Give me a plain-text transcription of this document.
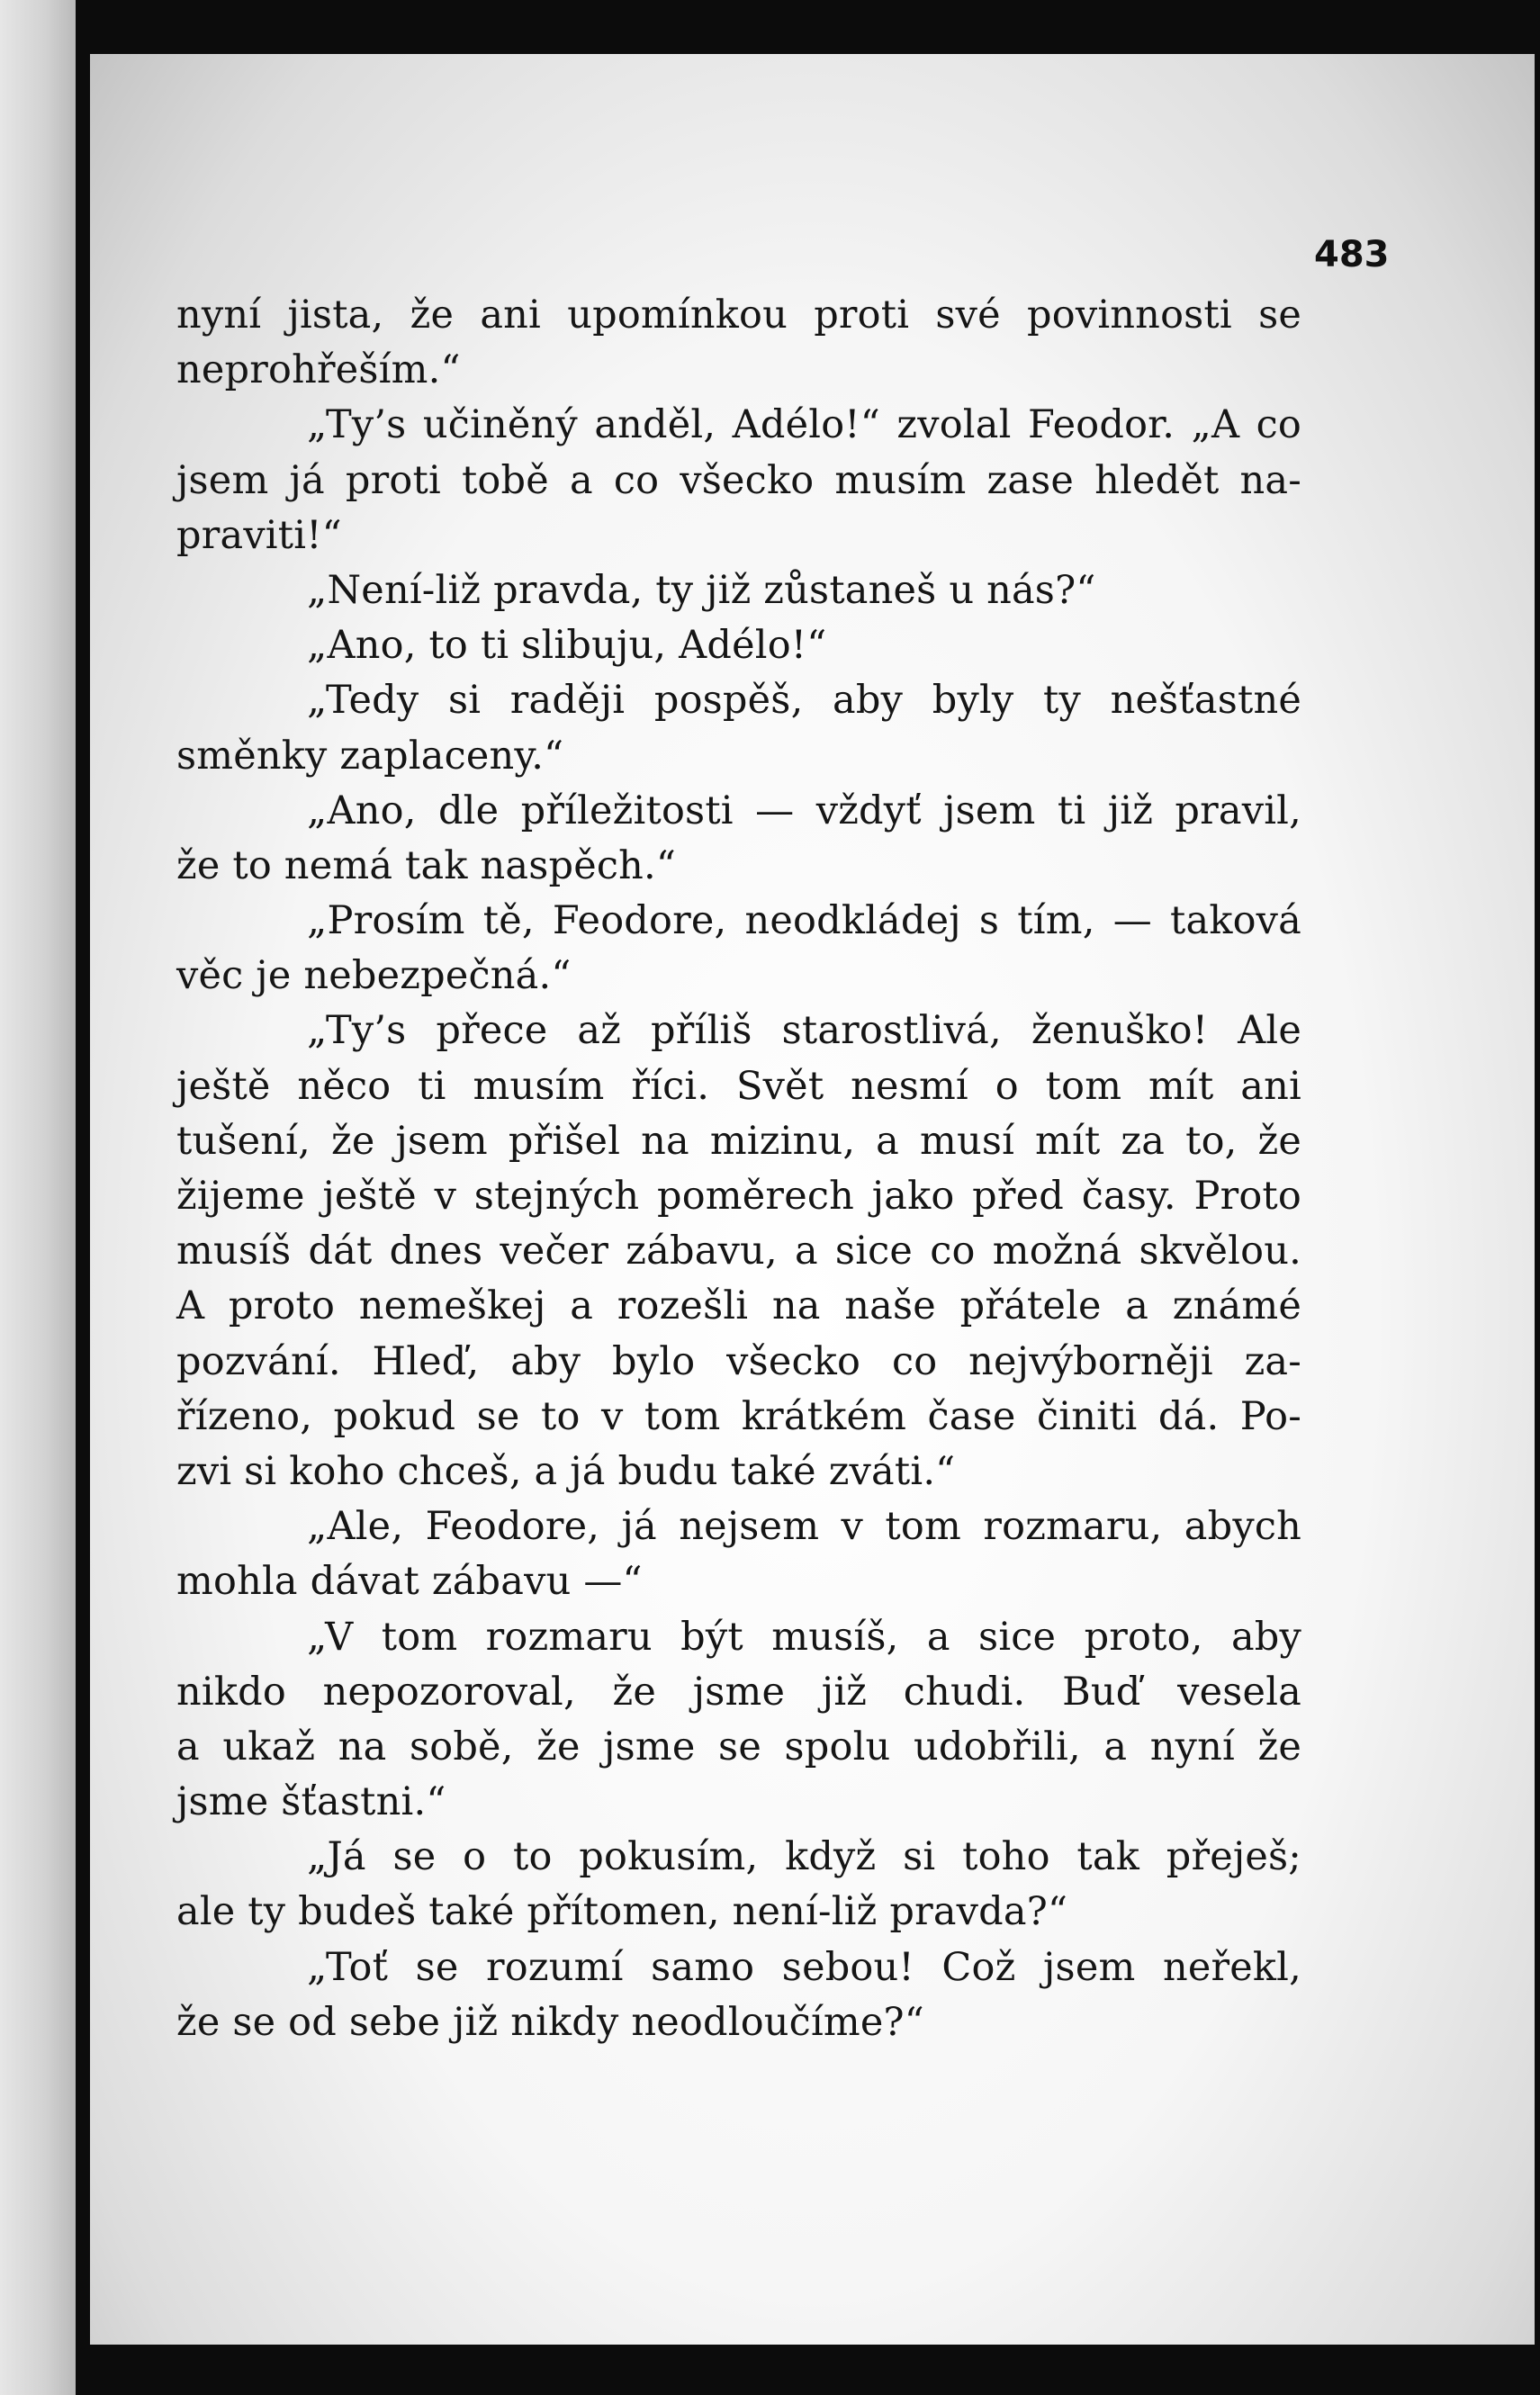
483
nyní jista, že ani upomínkou proti své povinnosti se
neprohřeším.“
„Ty’s učiněný anděl, Adélo!“ zvolal Feodor. „A co
jsem já proti tobě a co všecko musím zase hledět na-
praviti!“
„Není-liž pravda, ty již zůstaneš u nás?“
„Ano, to ti slibuju, Adélo!“
„Tedy si raději pospěš, aby byly ty nešťastné
směnky zaplaceny.“
„Ano, dle příležitosti — vždyť jsem ti již pravil,
že to nemá tak naspěch.“
„Prosím tě, Feodore, neodkládej s tím, — taková
věc je nebezpečná.“
„Ty’s přece až příliš starostlivá, ženuško! Ale
ještě něco ti musím říci. Svět nesmí o tom mít ani
tušení, že jsem přišel na mizinu, a musí mít za to, že
žijeme ještě v stejných poměrech jako před časy. Proto
musíš dát dnes večer zábavu, a sice co možná skvělou.
A proto nemeškej a rozešli na naše přátele a známé
pozvání. Hleď, aby bylo všecko co nejvýborněji za-
řízeno, pokud se to v tom krátkém čase činiti dá. Po-
zvi si koho chceš, a já budu také zváti.“
„Ale, Feodore, já nejsem v tom rozmaru, abych
mohla dávat zábavu —“
„V tom rozmaru být musíš, a sice proto, aby
nikdo nepozoroval, že jsme již chudi. Buď vesela
a ukaž na sobě, že jsme se spolu udobřili, a nyní že
jsme šťastni.“
„Já se o to pokusím, když si toho tak přeješ;
ale ty budeš také přítomen, není-liž pravda?“
„Toť se rozumí samo sebou! Což jsem neřekl,
že se od sebe již nikdy neodloučíme?“
